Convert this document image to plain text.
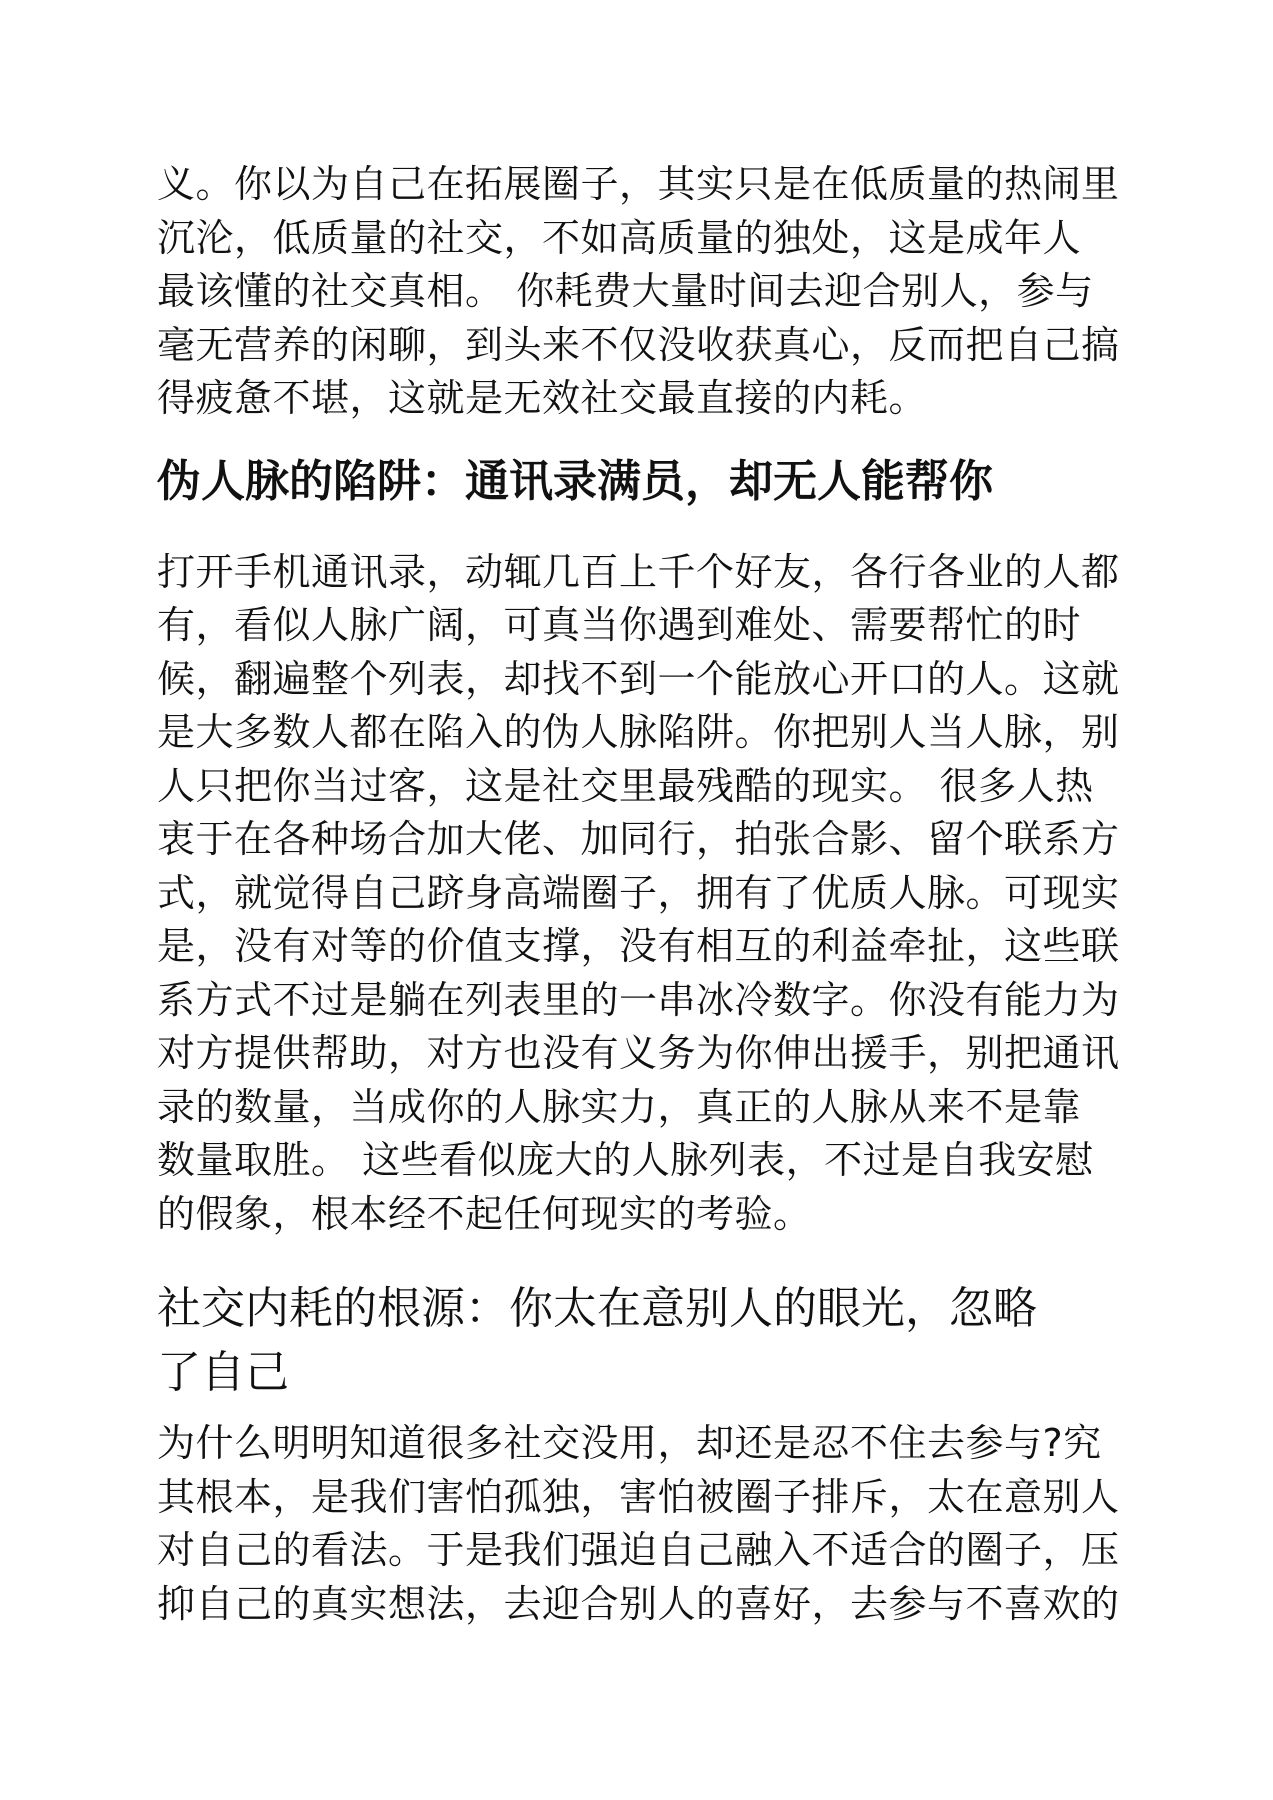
义。你以为自己在拓展圈子，其实只是在低质量的热闹里
沉沦，低质量的社交，不如高质量的独处，这是成年人
最该懂的社交真相。 你耗费大量时间去迎合别人，参与
毫无营养的闲聊，到头来不仅没收获真心，反而把自己搞
得疲惫不堪，这就是无效社交最直接的内耗。
伪人脉的陷阱：通讯录满员，却无人能帮你
打开手机通讯录，动辄几百上千个好友，各行各业的人都
有，看似人脉广阔，可真当你遇到难处、需要帮忙的时
候，翻遍整个列表，却找不到一个能放心开口的人。这就
是大多数人都在陷入的伪人脉陷阱。你把别人当人脉，别
人只把你当过客，这是社交里最残酷的现实。 很多人热
衷于在各种场合加大佬、加同行，拍张合影、留个联系方
式，就觉得自己跻身高端圈子，拥有了优质人脉。可现实
是，没有对等的价值支撑，没有相互的利益牵扯，这些联
系方式不过是躺在列表里的一串冰冷数字。你没有能力为
对方提供帮助，对方也没有义务为你伸出援手，别把通讯
录的数量，当成你的人脉实力，真正的人脉从来不是靠
数量取胜。 这些看似庞大的人脉列表，不过是自我安慰
的假象，根本经不起任何现实的考验。
社交内耗的根源：你太在意别人的眼光，忽略
了自己
为什么明明知道很多社交没用，却还是忍不住去参与?究
其根本，是我们害怕孤独，害怕被圈子排斥，太在意别人
对自己的看法。于是我们强迫自己融入不适合的圈子，压
抑自己的真实想法，去迎合别人的喜好，去参与不喜欢的
